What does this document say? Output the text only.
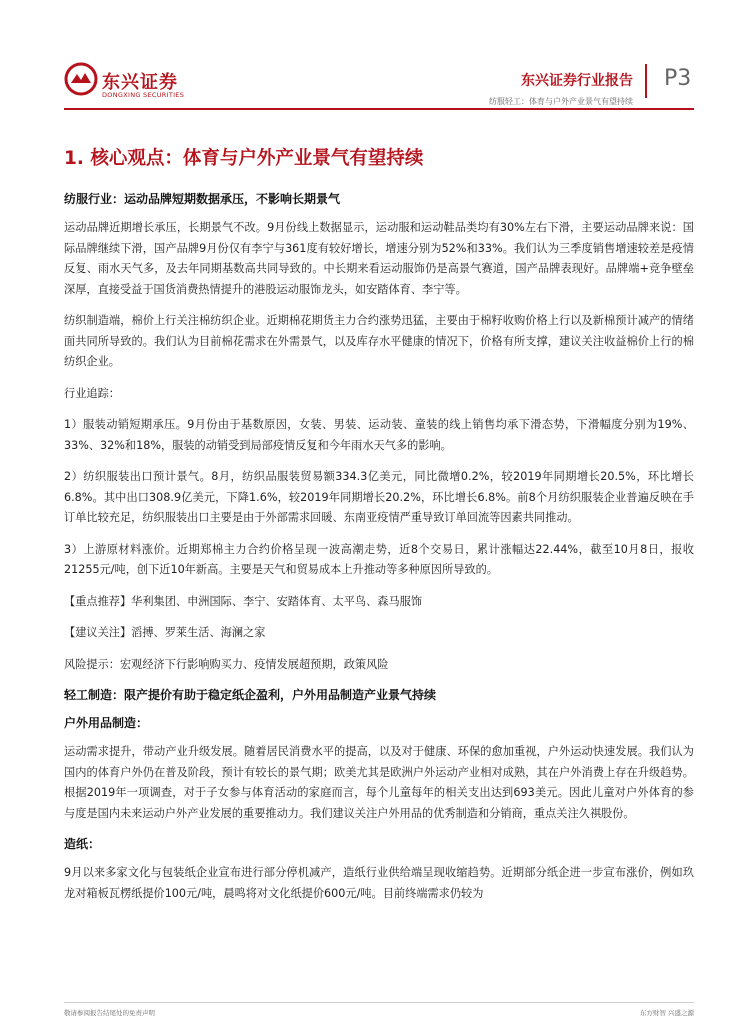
东兴证券
DONGXING SECURITIES
东兴证券行业报告
纺服轻工：体育与户外产业景气有望持续
P3
1. 核心观点：体育与户外产业景气有望持续
纺服行业：运动品牌短期数据承压，不影响长期景气

运动品牌近期增长承压，长期景气不改。9月份线上数据显示，运动服和运动鞋品类均有30%左右下滑，主要运动品牌来说：国际品牌继续下滑，国产品牌9月份仅有李宁与361度有较好增长，增速分别为52%和33%。我们认为三季度销售增速较差是疫情反复、雨水天气多，及去年同期基数高共同导致的。中长期来看运动服饰仍是高景气赛道，国产品牌表现好。品牌端+竞争壁垒深厚，直接受益于国货消费热情提升的港股运动服饰龙头，如安踏体育、李宁等。

纺织制造端，棉价上行关注棉纺织企业。近期棉花期货主力合约涨势迅猛，主要由于棉籽收购价格上行以及新棉预计减产的情绪面共同所导致的。我们认为目前棉花需求在外需景气，以及库存水平健康的情况下，价格有所支撑，建议关注收益棉价上行的棉纺织企业。

行业追踪：

1）服装动销短期承压。9月份由于基数原因，女装、男装、运动装、童装的线上销售均承下滑态势，下滑幅度分别为19%、33%、32%和18%，服装的动销受到局部疫情反复和今年雨水天气多的影响。

2）纺织服装出口预计景气。8月，纺织品服装贸易额334.3亿美元，同比微增0.2%，较2019年同期增长20.5%，环比增长6.8%。其中出口308.9亿美元，下降1.6%，较2019年同期增长20.2%，环比增长6.8%。前8个月纺织服装企业普遍反映在手订单比较充足，纺织服装出口主要是由于外部需求回暖、东南亚疫情严重导致订单回流等因素共同推动。

3）上游原材料涨价。近期郑棉主力合约价格呈现一波高潮走势，近8个交易日，累计涨幅达22.44%，截至10月8日，报收21255元/吨，创下近10年新高。主要是天气和贸易成本上升推动等多种原因所导致的。

【重点推荐】华利集团、申洲国际、李宁、安踏体育、太平鸟、森马服饰

【建议关注】滔搏、罗莱生活、海澜之家

风险提示：宏观经济下行影响购买力、疫情发展超预期，政策风险

轻工制造：限产提价有助于稳定纸企盈利，户外用品制造产业景气持续
户外用品制造：

运动需求提升，带动产业升级发展。随着居民消费水平的提高，以及对于健康、环保的愈加重视，户外运动快速发展。我们认为国内的体育户外仍在普及阶段，预计有较长的景气期；欧美尤其是欧洲户外运动产业相对成熟，其在户外消费上存在升级趋势。根据2019年一项调查，对于子女参与体育活动的家庭而言，每个儿童每年的相关支出达到693美元。因此儿童对户外体育的参与度是国内未来运动户外产业发展的重要推动力。我们建议关注户外用品的优秀制造和分销商，重点关注久祺股份。

造纸：

9月以来多家文化与包装纸企业宣布进行部分停机减产，造纸行业供给端呈现收缩趋势。近期部分纸企进一步宣布涨价，例如玖龙对箱板瓦楞纸提价100元/吨，晨鸣将对文化纸提价600元/吨。目前终端需求仍较为

敬请参阅报告结尾处的免责声明	东方财智 兴盛之源
